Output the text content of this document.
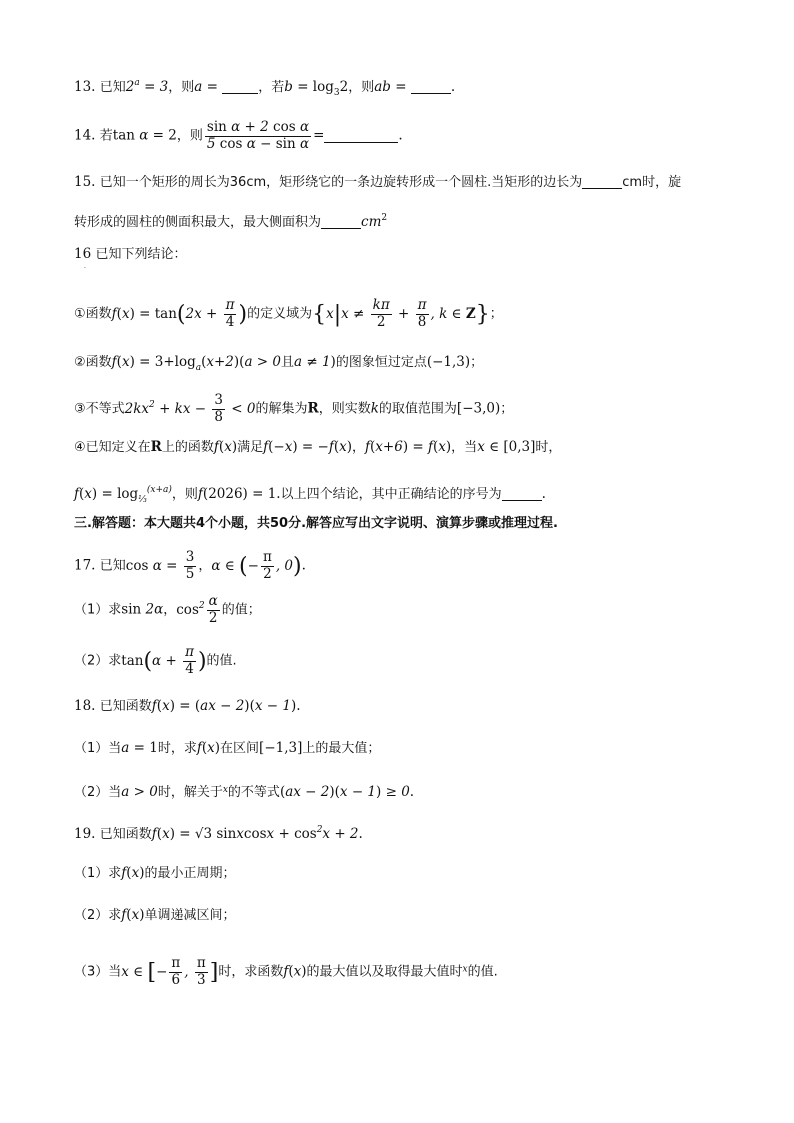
13. 已知$2^a = 3$，则a =	，若$b = \log_32$，则ab =	.
14. 若tan α = 2，则 $\frac{\text{sin α + 2 cos α}}{\text{5 cos α − sin α}}$ =	.
15. 已知一个矩形的周长为36cm，矩形绕它的一条边旋转形成一个圆柱.当矩形的边长为	cm时，旋
转形成的圆柱的侧面积最大，最大侧面积为	$cm^2$
16 已知下列结论：
·
①函数$f(x) = \tan(2x + \frac{\pi}{4}$ )的定义域为{$x|x \ne \frac{k\pi}{2} + \frac{\pi}{8}$ , k ∈ Z}；
②函数$f(x) = 3+\log_a(x+2)(a > 0$且a ≠ 1)的图象恒过定点(−1,3)；
③不等式$2kx^2$ + kx − $\frac{3}{8} < 0$的解集为R，则实数k的取值范围为[−3,0)；
④已知定义在R上的函数f(x)满足f(−x) = −f(x)，f(x+6) = f(x)，当x ∈ [0,3]时，
$f(x) = \log_{\frac{1}{3}}^{(x+a)}$，则f(2026) = 1.以上四个结论，其中正确结论的序号为	.
三.解答题：本大题共4个小题，共50分.解答应写出文字说明、演算步骤或推理过程.
17. 已知$\cos \alpha = \frac{3}{5}$ ，α ∈ (− $\frac{\pi}{2}$ , 0).
（1）求sin 2α，$\cos^2 \frac{\alpha}{2}$ 的值；
（2）求$\tan(\alpha + \frac{\pi}{4}$ )的值.
18. 已知函数f(x) = (ax − 2)(x − 1).
（1）当a = 1时，求f(x)在区间[−1,3]上的最大值；
（2）当a > 0时，解关于$^x$的不等式(ax − 2)(x − 1) ≥ 0.
19. 已知函数f(x) = √3 sinxcosx + $\cos^2x + 2$.
（1）求f(x)的最小正周期；
（2）求f(x)单调递减区间；
（3）当x ∈ [− $\frac{\pi}{6}$ , $\frac{\pi}{3}$ ]时，求函数f(x)的最大值以及取得最大值时$^x$的值.
